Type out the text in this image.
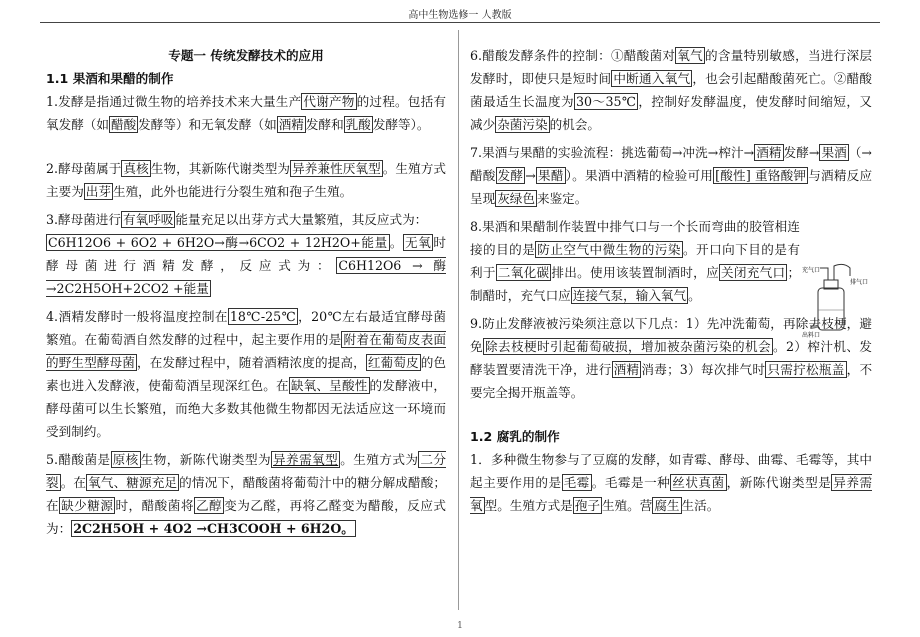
高中生物选修一 人教版
专题一 传统发酵技术的应用
1.1 果酒和果醋的制作

1.发酵是指通过微生物的培养技术来大量生产 代谢产物 的过程。包括有氧发酵（如 醋酸 发酵等）和无氧发酵（如 酒精 发酵和 乳酸 发酵等）。

2.酵母菌属于 真核 生物，其新陈代谢类型为 异养兼性厌氧型 。生殖方式主要为 出芽 生殖，此外也能进行分裂生殖和孢子生殖。

3.酵母菌进行 有氧呼吸 能量充足以出芽方式大量繁殖，其反应式为：
C6H12O6 + 6O2 + 6H2O→酶→6CO2 + 12H2O+能量 。 无氧 时酵母菌进行酒精发酵，反应式为： C6H12O6 → 酶 →2C2H5OH+2CO2 +能量

4.酒精发酵时一般将温度控制在 18℃-25℃ ，20℃左右最适宜酵母菌繁殖。在葡萄酒自然发酵的过程中，起主要作用的是 附着在葡萄皮表面的野生型酵母菌 ，在发酵过程中，随着酒精浓度的提高， 红葡萄皮 的色素也进入发酵液，使葡萄酒呈现深红色。在 缺氧、呈酸性 的发酵液中，酵母菌可以生长繁殖，而绝大多数其他微生物都因无法适应这一环境而受到制约。

5.醋酸菌是 原核 生物，新陈代谢类型为 异养需氧型 。生殖方式为 二分裂 。在 氧气、糖源充足 的情况下，醋酸菌将葡萄汁中的糖分解成醋酸；在 缺少糖源 时，醋酸菌将 乙醇 变为乙醛，再将乙醛变为醋酸，反应式为： 2C2H5OH + 4O2 →CH3COOH + 6H2O。

6.醋酸发酵条件的控制：①醋酸菌对 氧气 的含量特别敏感，当进行深层发酵时，即使只是短时间 中断通入氧气 ，也会引起醋酸菌死亡。②醋酸菌最适生长温度为 30～35℃ ，控制好发酵温度，使发酵时间缩短，又减少 杂菌污染 的机会。

7.果酒与果醋的实验流程：挑选葡萄→冲洗→榨汁→ 酒精 发酵→ 果酒 （→醋酸 发酵 → 果醋 ）。果酒中酒精的检验可用 [酸性] 重铬酸钾 与酒精反应呈现 灰绿色 来鉴定。

8.果酒和果醋制作装置中排气口与一个长而弯曲的胶管相连接的目的是 防止空气中微生物的污染 。开口向下目的是有利于 二氧化碳 排出。使用该装置制酒时，应 关闭充气口 ；制醋时，充气口应 连接气泵，输入氧气 。

9.防止发酵液被污染须注意以下几点：1）先冲洗葡萄，再除去枝梗，避免 除去枝梗时引起葡萄破损，增加被杂菌污染的机会 。2）榨汁机、发酵装置要清洗干净，进行 酒精 消毒；3）每次排气时 只需拧松瓶盖 ，不要完全揭开瓶盖等。

1.2 腐乳的制作

1．多种微生物参与了豆腐的发酵，如青霉、酵母、曲霉、毛霉等，其中起主要作用的是 毛霉 。毛霉是一种 丝状真菌 ，新陈代谢类型是 异养需氧 型。生殖方式是 孢子 生殖。营 腐生 生活。

充气口
排气口
出料口
1
